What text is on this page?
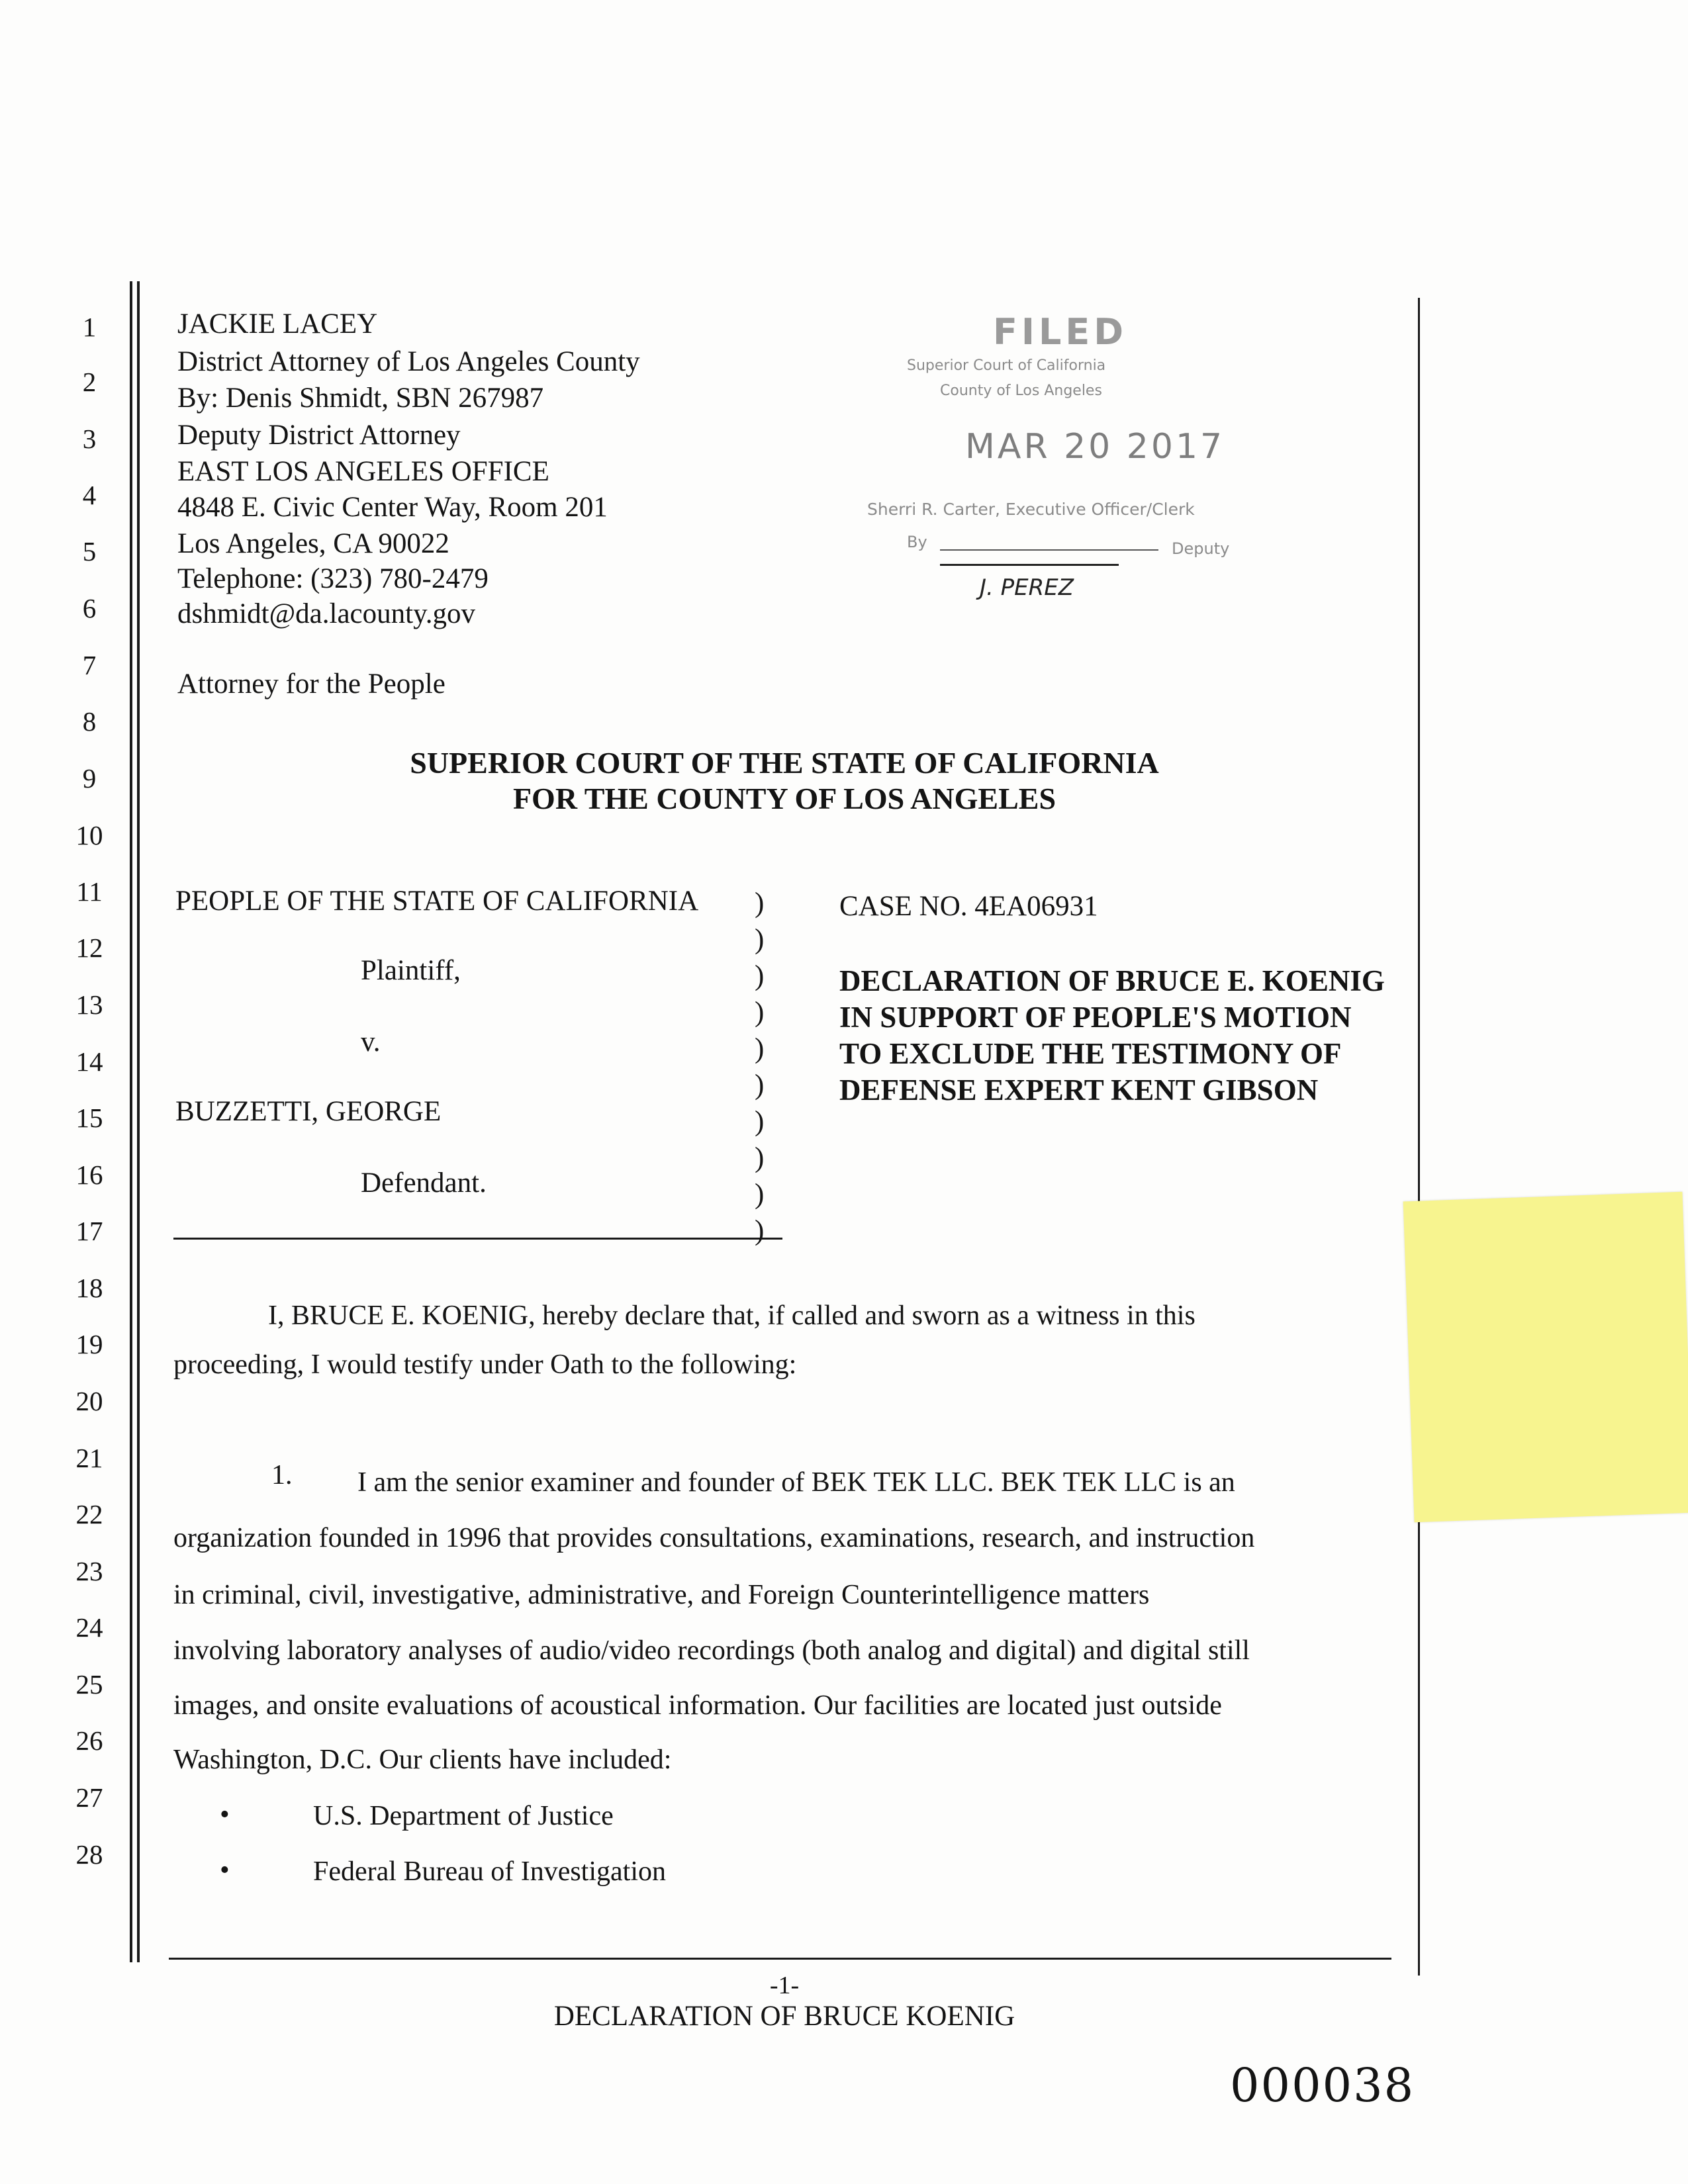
1
2
3
4
5
6
7
8
9
10
11
12
13
14
15
16
17
18
19
20
21
22
23
24
25
26
27
28
JACKIE LACEY
District Attorney of Los Angeles County
By: Denis Shmidt, SBN 267987
Deputy District Attorney
EAST LOS ANGELES OFFICE
4848 E. Civic Center Way, Room 201
Los Angeles, CA 90022
Telephone: (323) 780-2479
dshmidt@da.lacounty.gov
Attorney for the People
FILED
Superior Court of California
County of Los Angeles
MAR 20 2017
Sherri R. Carter, Executive Officer/Clerk
By	Deputy
J. PEREZ
SUPERIOR COURT OF THE STATE OF CALIFORNIA
FOR THE COUNTY OF LOS ANGELES
PEOPLE OF THE STATE OF CALIFORNIA
Plaintiff,
v.
BUZZETTI, GEORGE
Defendant.
)
)
)
)
)
)
)
)
)
)
CASE NO. 4EA06931
DECLARATION OF BRUCE E. KOENIG
IN SUPPORT OF PEOPLE'S MOTION
TO EXCLUDE THE TESTIMONY OF
DEFENSE EXPERT KENT GIBSON
I, BRUCE E. KOENIG, hereby declare that, if called and sworn as a witness in this
proceeding, I would testify under Oath to the following:
1. I am the senior examiner and founder of BEK TEK LLC. BEK TEK LLC is an
organization founded in 1996 that provides consultations, examinations, research, and instruction
in criminal, civil, investigative, administrative, and Foreign Counterintelligence matters
involving laboratory analyses of audio/video recordings (both analog and digital) and digital still
images, and onsite evaluations of acoustical information. Our facilities are located just outside
Washington, D.C. Our clients have included:
•	U.S. Department of Justice
•	Federal Bureau of Investigation
-1-
DECLARATION OF BRUCE KOENIG
000038
